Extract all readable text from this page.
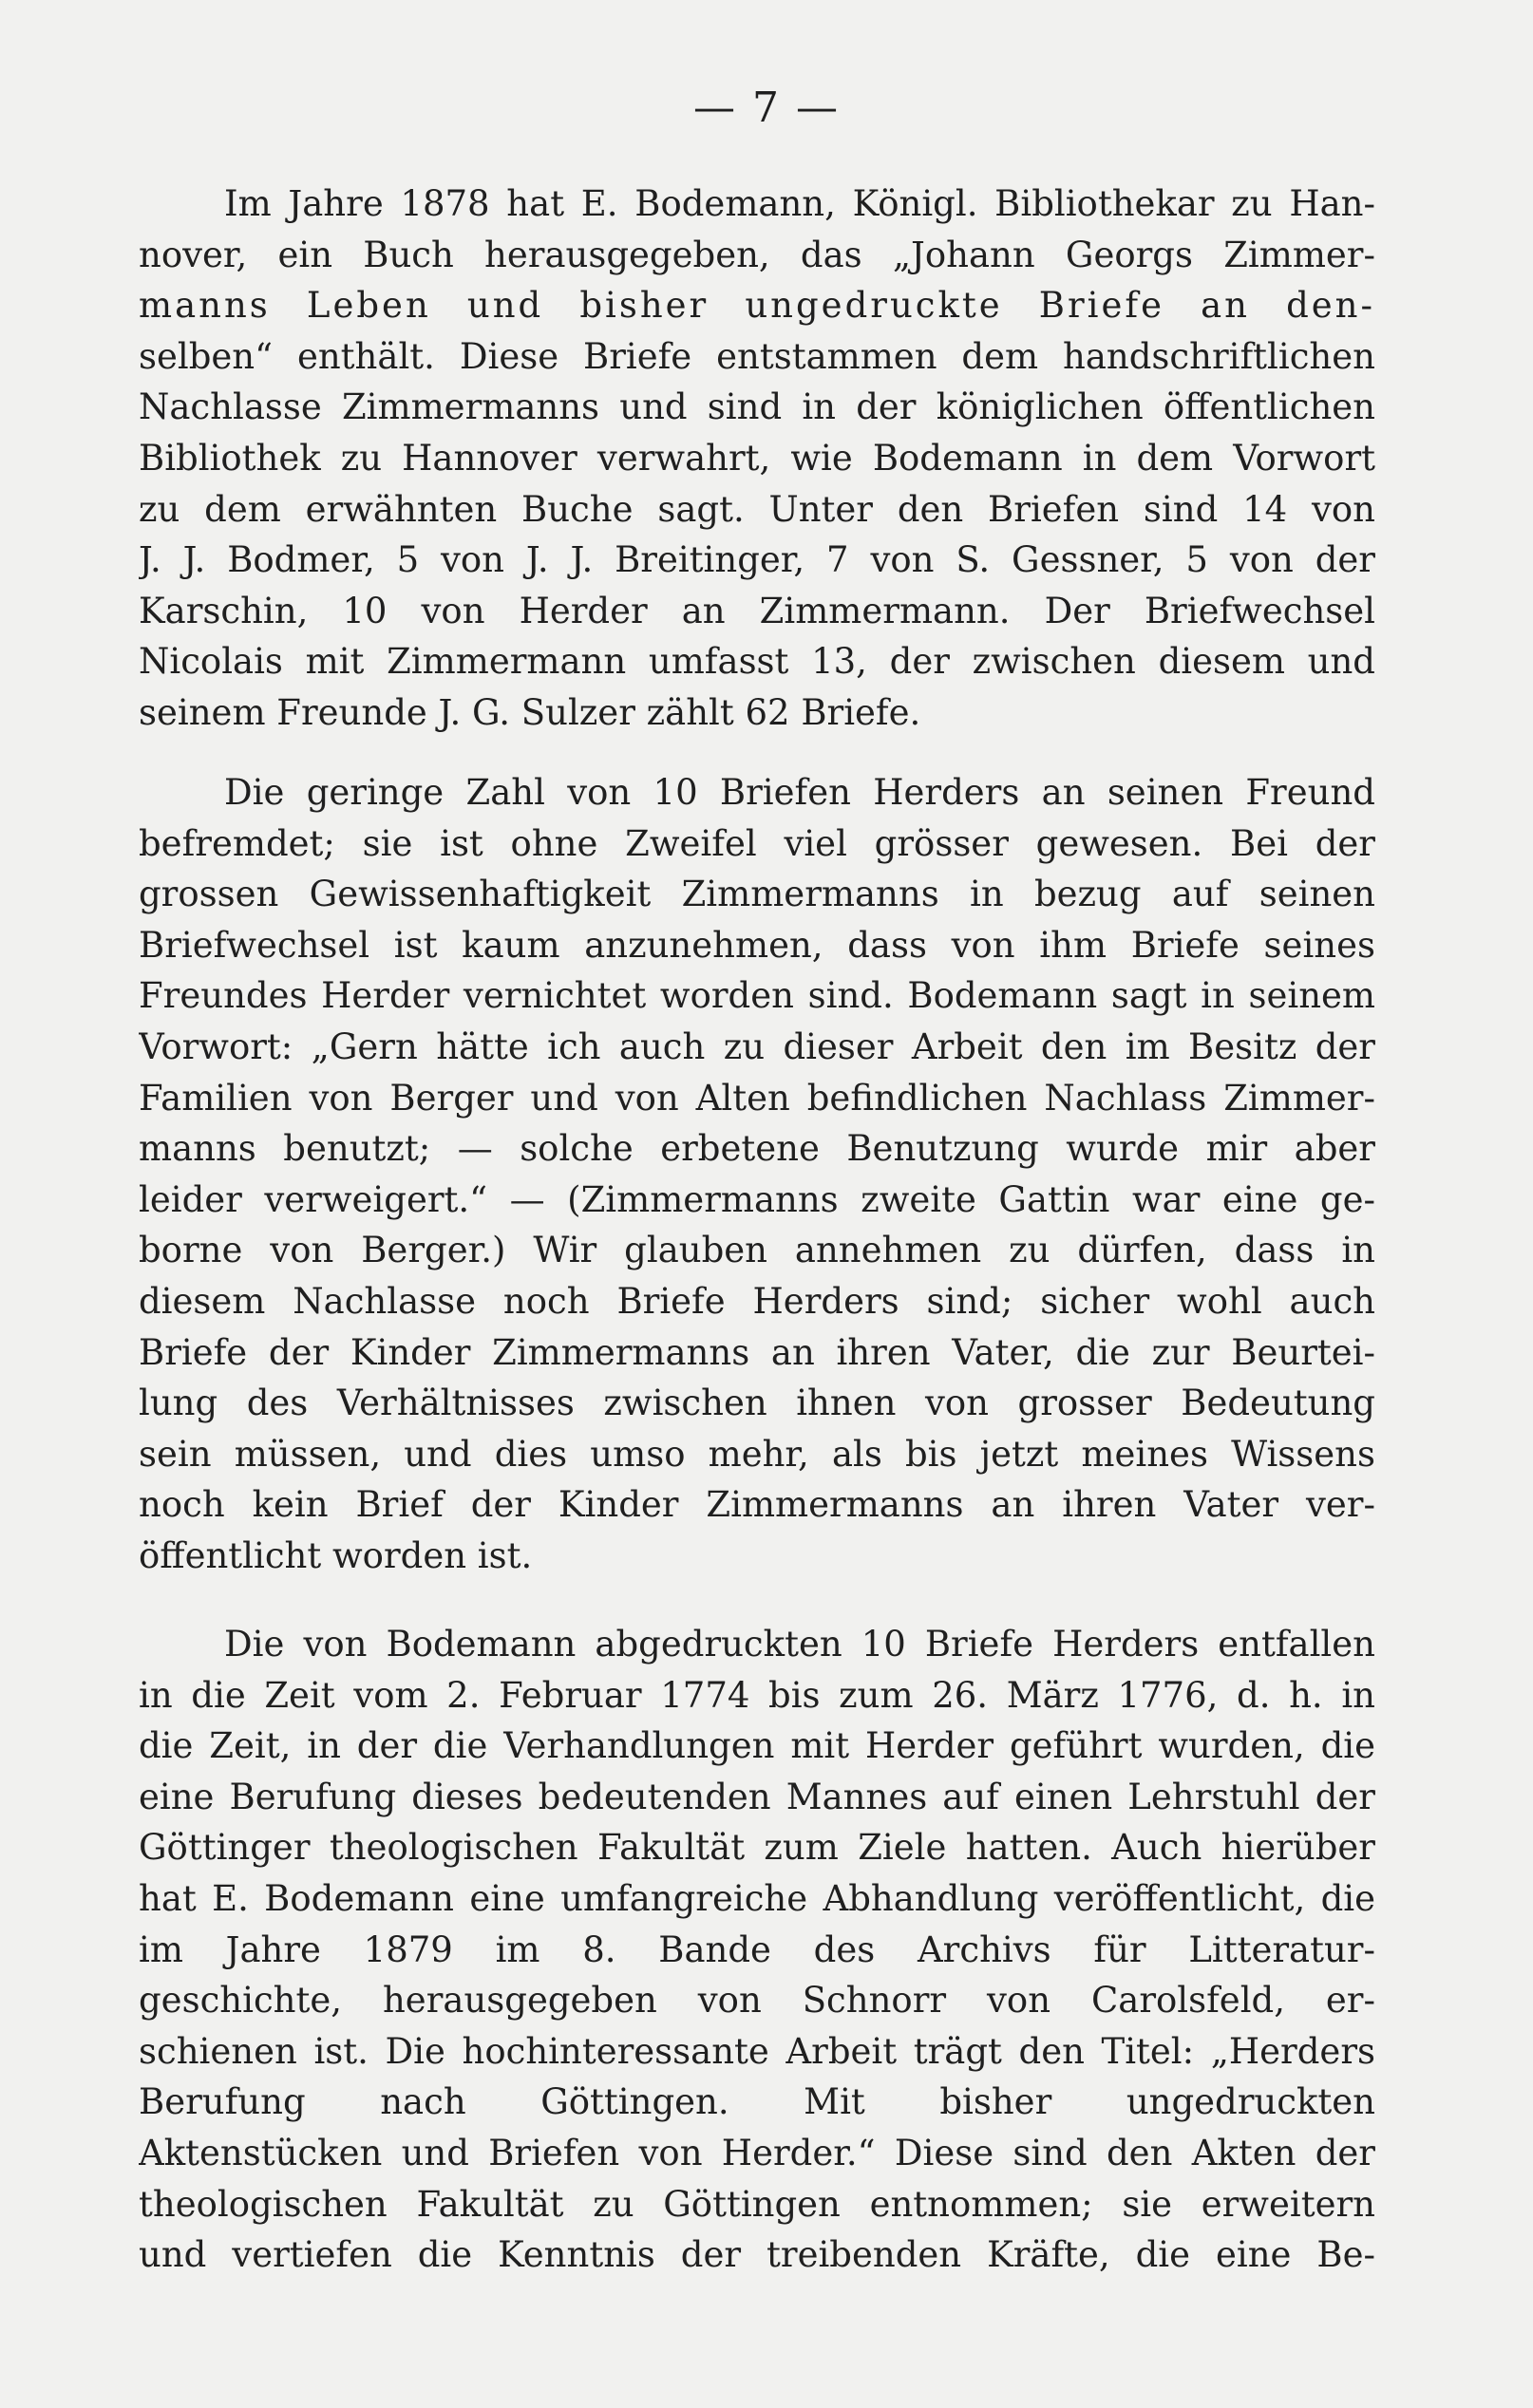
— 7 —
Im Jahre 1878 hat E. Bodemann, Königl. Bibliothekar zu Han-
nover, ein Buch herausgegeben, das „Johann Georgs Zimmer-
manns Leben und bisher ungedruckte Briefe an den-
selben“ enthält. Diese Briefe entstammen dem handschriftlichen
Nachlasse Zimmermanns und sind in der königlichen öffentlichen
Bibliothek zu Hannover verwahrt, wie Bodemann in dem Vorwort
zu dem erwähnten Buche sagt. Unter den Briefen sind 14 von
J. J. Bodmer, 5 von J. J. Breitinger, 7 von S. Gessner, 5 von der
Karschin, 10 von Herder an Zimmermann. Der Briefwechsel
Nicolais mit Zimmermann umfasst 13, der zwischen diesem und
seinem Freunde J. G. Sulzer zählt 62 Briefe.
Die geringe Zahl von 10 Briefen Herders an seinen Freund
befremdet; sie ist ohne Zweifel viel grösser gewesen. Bei der
grossen Gewissenhaftigkeit Zimmermanns in bezug auf seinen
Briefwechsel ist kaum anzunehmen, dass von ihm Briefe seines
Freundes Herder vernichtet worden sind. Bodemann sagt in seinem
Vorwort: „Gern hätte ich auch zu dieser Arbeit den im Besitz der
Familien von Berger und von Alten befindlichen Nachlass Zimmer-
manns benutzt; — solche erbetene Benutzung wurde mir aber
leider verweigert.“ — (Zimmermanns zweite Gattin war eine ge-
borne von Berger.) Wir glauben annehmen zu dürfen, dass in
diesem Nachlasse noch Briefe Herders sind; sicher wohl auch
Briefe der Kinder Zimmermanns an ihren Vater, die zur Beurtei-
lung des Verhältnisses zwischen ihnen von grosser Bedeutung
sein müssen, und dies umso mehr, als bis jetzt meines Wissens
noch kein Brief der Kinder Zimmermanns an ihren Vater ver-
öffentlicht worden ist.
Die von Bodemann abgedruckten 10 Briefe Herders entfallen
in die Zeit vom 2. Februar 1774 bis zum 26. März 1776, d. h. in
die Zeit, in der die Verhandlungen mit Herder geführt wurden, die
eine Berufung dieses bedeutenden Mannes auf einen Lehrstuhl der
Göttinger theologischen Fakultät zum Ziele hatten. Auch hierüber
hat E. Bodemann eine umfangreiche Abhandlung veröffentlicht, die
im Jahre 1879 im 8. Bande des Archivs für Litteratur-
geschichte, herausgegeben von Schnorr von Carolsfeld, er-
schienen ist. Die hochinteressante Arbeit trägt den Titel: „Herders
Berufung nach Göttingen. Mit bisher ungedruckten
Aktenstücken und Briefen von Herder.“ Diese sind den Akten der
theologischen Fakultät zu Göttingen entnommen; sie erweitern
und vertiefen die Kenntnis der treibenden Kräfte, die eine Be-
